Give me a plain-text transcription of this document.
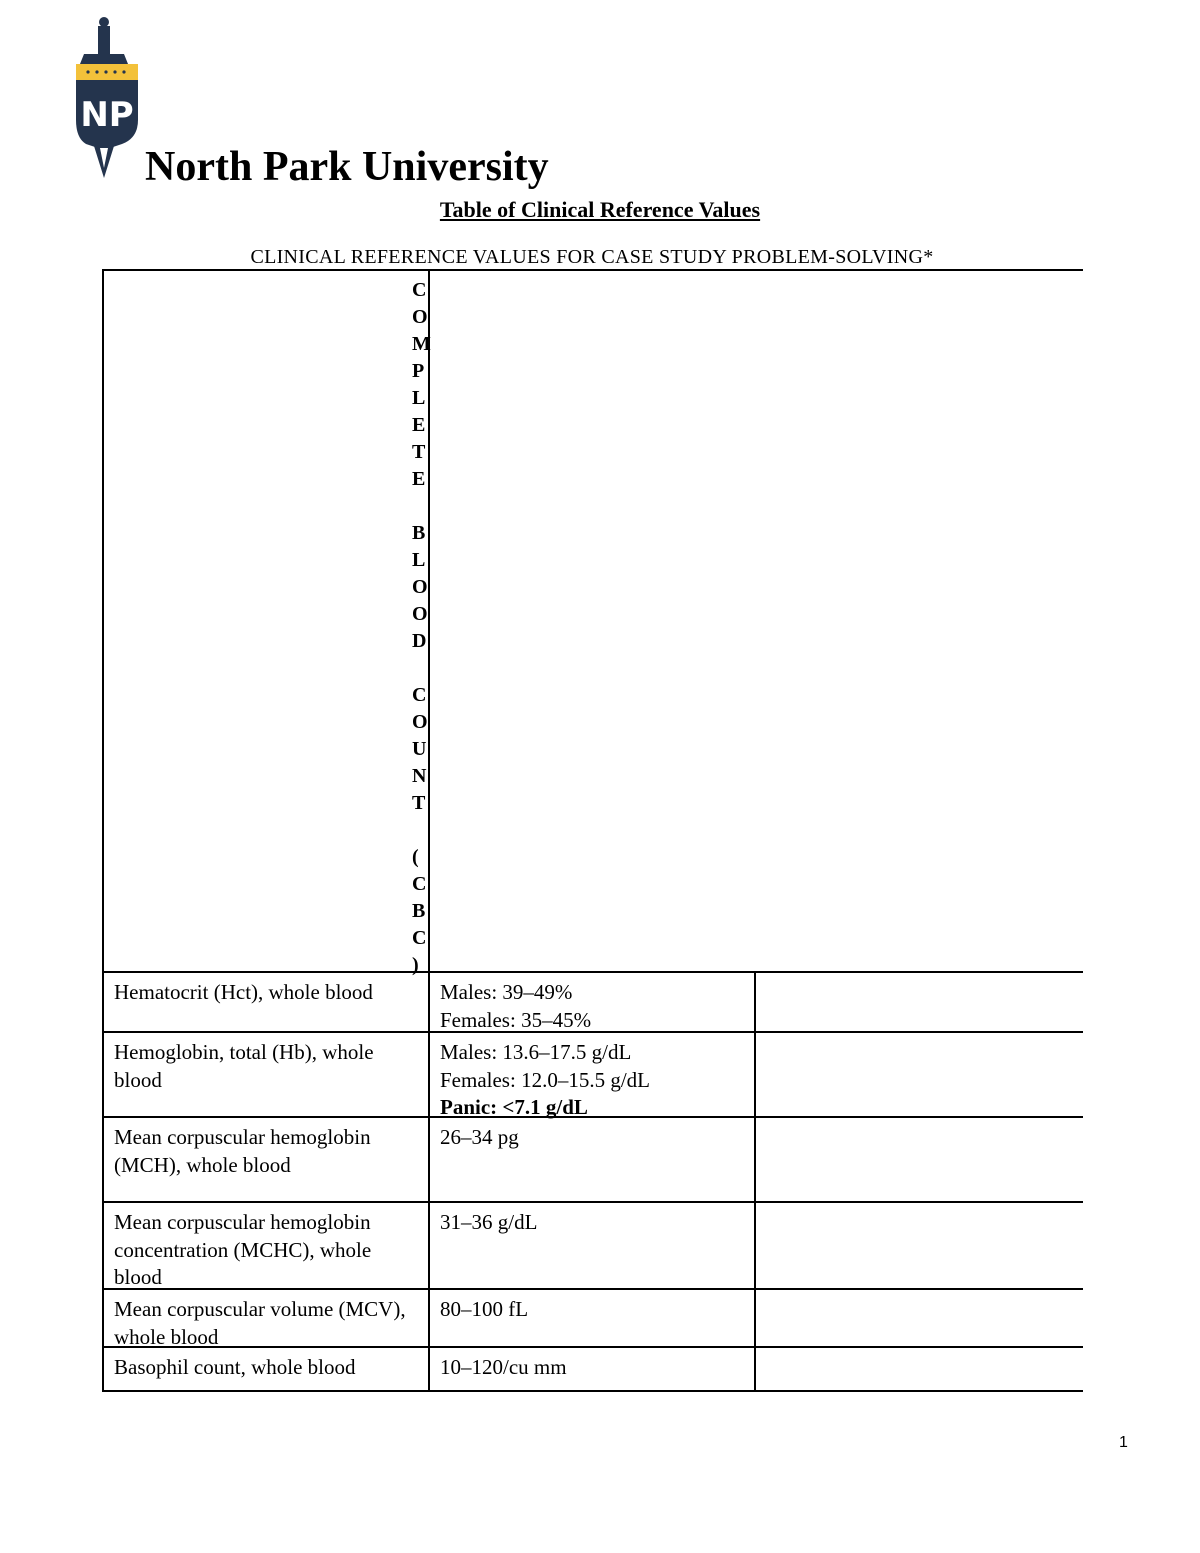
NP
North Park University
Table of Clinical Reference Values
CLINICAL REFERENCE VALUES FOR CASE STUDY PROBLEM-SOLVING*
C
O
M
P
L
E
T
E
B
L
O
O
D
C
O
U
N
T
(
C
B
C
)
Hematocrit (Hct), whole blood	Males: 39–49%
Females: 35–45%
Hemoglobin, total (Hb), whole blood
Males: 13.6–17.5 g/dL
Females: 12.0–15.5 g/dL
Panic: <7.1 g/dL
Mean corpuscular hemoglobin (MCH), whole blood
26–34 pg
Mean corpuscular hemoglobin concentration (MCHC), whole blood
31–36 g/dL
Mean corpuscular volume (MCV), whole blood
80–100 fL
Basophil count, whole blood	10–120/cu mm
1
